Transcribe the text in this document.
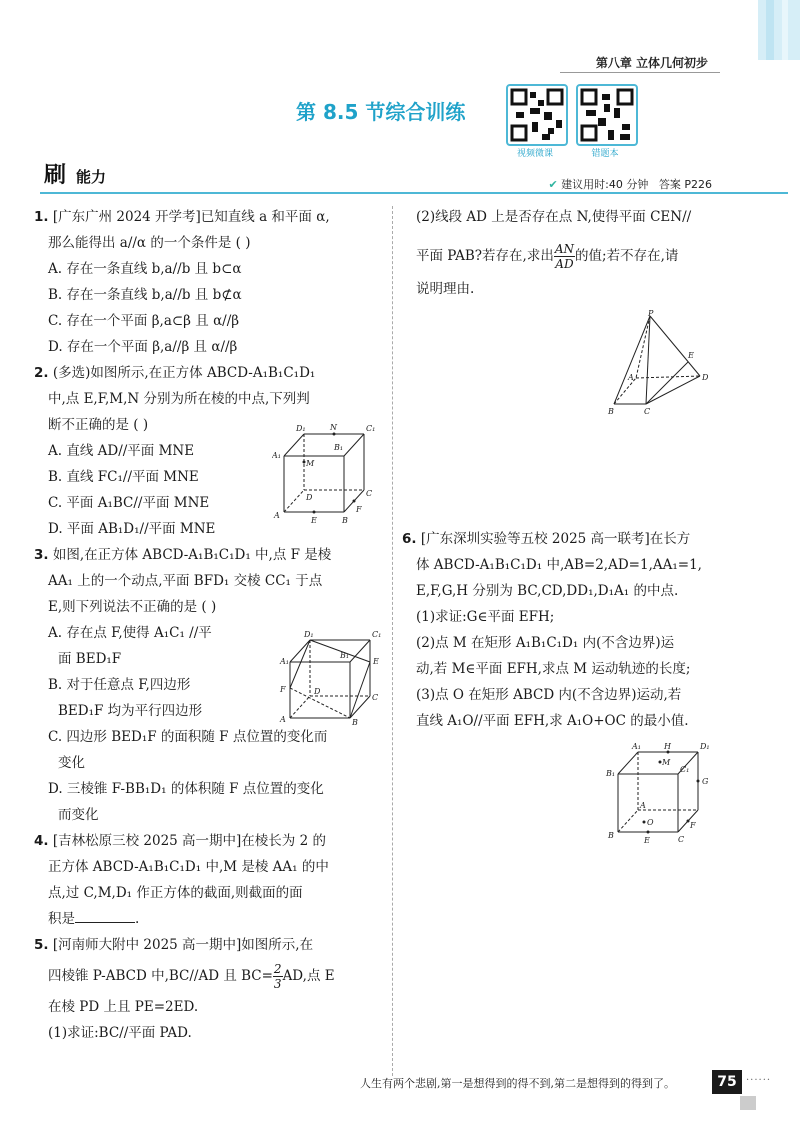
第八章 立体几何初步
第 8.5 节综合训练
视频微课	错题本
刷 能力	✔ 建议用时:40 分钟 答案 P226
1. [广东广州 2024 开学考]已知直线 a 和平面 α,
那么能得出 a//α 的一个条件是 ( )
A. 存在一条直线 b,a//b 且 b⊂α
B. 存在一条直线 b,a//b 且 b⊄α
C. 存在一个平面 β,a⊂β 且 α//β
D. 存在一个平面 β,a//β 且 α//β
2. (多选)如图所示,在正方体 ABCD-A₁B₁C₁D₁
中,点 E,F,M,N 分别为所在棱的中点,下列判
断不正确的是 ( )
A. 直线 AD//平面 MNE
B. 直线 FC₁//平面 MNE
C. 平面 A₁BC//平面 MNE
D. 平面 AB₁D₁//平面 MNE
3. 如图,在正方体 ABCD-A₁B₁C₁D₁ 中,点 F 是棱
AA₁ 上的一个动点,平面 BFD₁ 交棱 CC₁ 于点
E,则下列说法不正确的是 ( )
A. 存在点 F,使得 A₁C₁ //平
面 BED₁F
B. 对于任意点 F,四边形
BED₁F 均为平行四边形
C. 四边形 BED₁F 的面积随 F 点位置的变化而
变化
D. 三棱锥 F-BB₁D₁ 的体积随 F 点位置的变化
而变化
4. [吉林松原三校 2025 高一期中]在棱长为 2 的
正方体 ABCD-A₁B₁C₁D₁ 中,M 是棱 AA₁ 的中
点,过 C,M,D₁ 作正方体的截面,则截面的面
积是	.
5. [河南师大附中 2025 高一期中]如图所示,在
四棱锥 P-ABCD 中,BC//AD 且 $BC= \frac{2}{3}$ AD,点 E
在棱 PD 上且 PE=2ED.
(1)求证:BC//平面 PAD.
D₁	N	C₁
A₁
B₁
M
D	C
A
E
F
B
D₁	C₁
A₁
B₁
E
D
C
F
A	B
(2)线段 AD 上是否存在点 N,使得平面 CEN//
平面 PAB?若存在,求出 $\frac{AN}{AD}$ 的值;若不存在,请
说明理由.
P
E
A	D
B	C
6. [广东深圳实验等五校 2025 高一联考]在长方
体 ABCD-A₁B₁C₁D₁ 中,AB=2,AD=1,AA₁=1,
E,F,G,H 分别为 BC,CD,DD₁,D₁A₁ 的中点.
(1)求证:G∈平面 EFH;
(2)点 M 在矩形 A₁B₁C₁D₁ 内(不含边界)运
动,若 M∈平面 EFH,求点 M 运动轨迹的长度;
(3)点 O 在矩形 ABCD 内(不含边界)运动,若
直线 A₁O//平面 EFH,求 A₁O+OC 的最小值.
A₁	H	D₁
M
B₁	C₁
G
A
O
B
E
F
C
人生有两个悲剧,第一是想得到的得不到,第二是想得到的得到了。	75 ......
